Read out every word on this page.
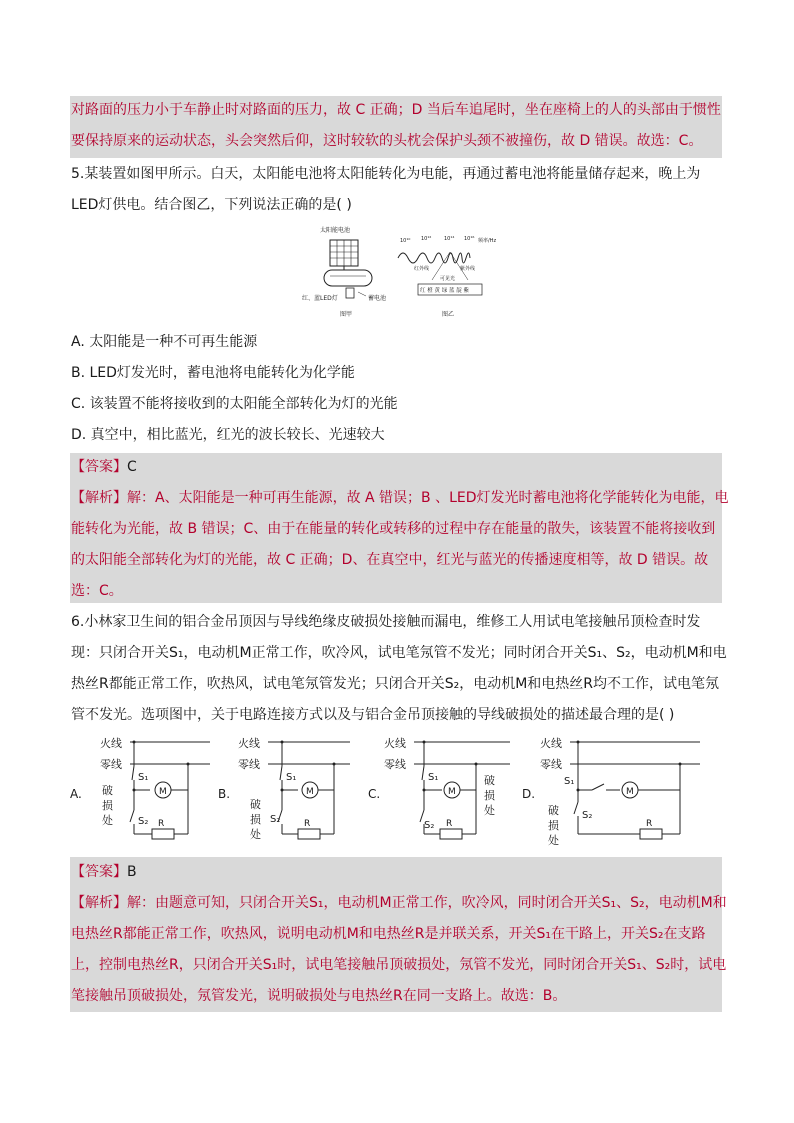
对路面的压力小于车静止时对路面的压力，故 C 正确；D 当后车追尾时，坐在座椅上的人的头部由于惯性
要保持原来的运动状态，头会突然后仰，这时较软的头枕会保护头颈不被撞伤，故 D 错误。故选：C。
5.某装置如图甲所示。白天，太阳能电池将太阳能转化为电能，再通过蓄电池将能量储存起来，晚上为
LED灯供电。结合图乙，下列说法正确的是( )
太阳能电池
红、蓝LED灯	蓄电池
图甲
10¹⁰ 10¹²	10¹⁴ 10¹⁶ 频率/Hz
红外线	紫外线
可见光
红 橙 黄 绿 蓝 靛 紫
图乙
A. 太阳能是一种不可再生能源
B. LED灯发光时，蓄电池将电能转化为化学能
C. 该装置不能将接收到的太阳能全部转化为灯的光能
D. 真空中，相比蓝光，红光的波长较长、光速较大
【答案】C
【解析】解：A、太阳能是一种可再生能源，故 A 错误；B 、LED灯发光时蓄电池将化学能转化为电能，电
能转化为光能，故 B 错误；C、由于在能量的转化或转移的过程中存在能量的散失，该装置不能将接收到
的太阳能全部转化为灯的光能，故 C 正确；D、在真空中，红光与蓝光的传播速度相等，故 D 错误。故
选：C。
6.小林家卫生间的铝合金吊顶因与导线绝缘皮破损处接触而漏电，维修工人用试电笔接触吊顶检查时发
现：只闭合开关S₁，电动机M正常工作，吹冷风，试电笔氖管不发光；同时闭合开关S₁、S₂，电动机M和电
热丝R都能正常工作，吹热风，试电笔氖管发光；只闭合开关S₂，电动机M和电热丝R均不工作，试电笔氖
管不发光。选项图中，关于电路连接方式以及与铝合金吊顶接触的导线破损处的描述最合理的是( )
A.
火线
零线
S₁
M
S₂ R
破
损
处
B.
火线
零线
S₁
M
S₂	R
破
损
处
C.
火线
零线
S₁
M
S₂ R
破
损
处
D.
火线
零线
S₁
M
S₂
R
破
损
处
【答案】B
【解析】解：由题意可知，只闭合开关S₁，电动机M正常工作，吹冷风，同时闭合开关S₁、S₂，电动机M和
电热丝R都能正常工作，吹热风，说明电动机M和电热丝R是并联关系，开关S₁在干路上，开关S₂在支路
上，控制电热丝R，只闭合开关S₁时，试电笔接触吊顶破损处，氖管不发光，同时闭合开关S₁、S₂时，试电
笔接触吊顶破损处，氖管发光，说明破损处与电热丝R在同一支路上。故选：B。
